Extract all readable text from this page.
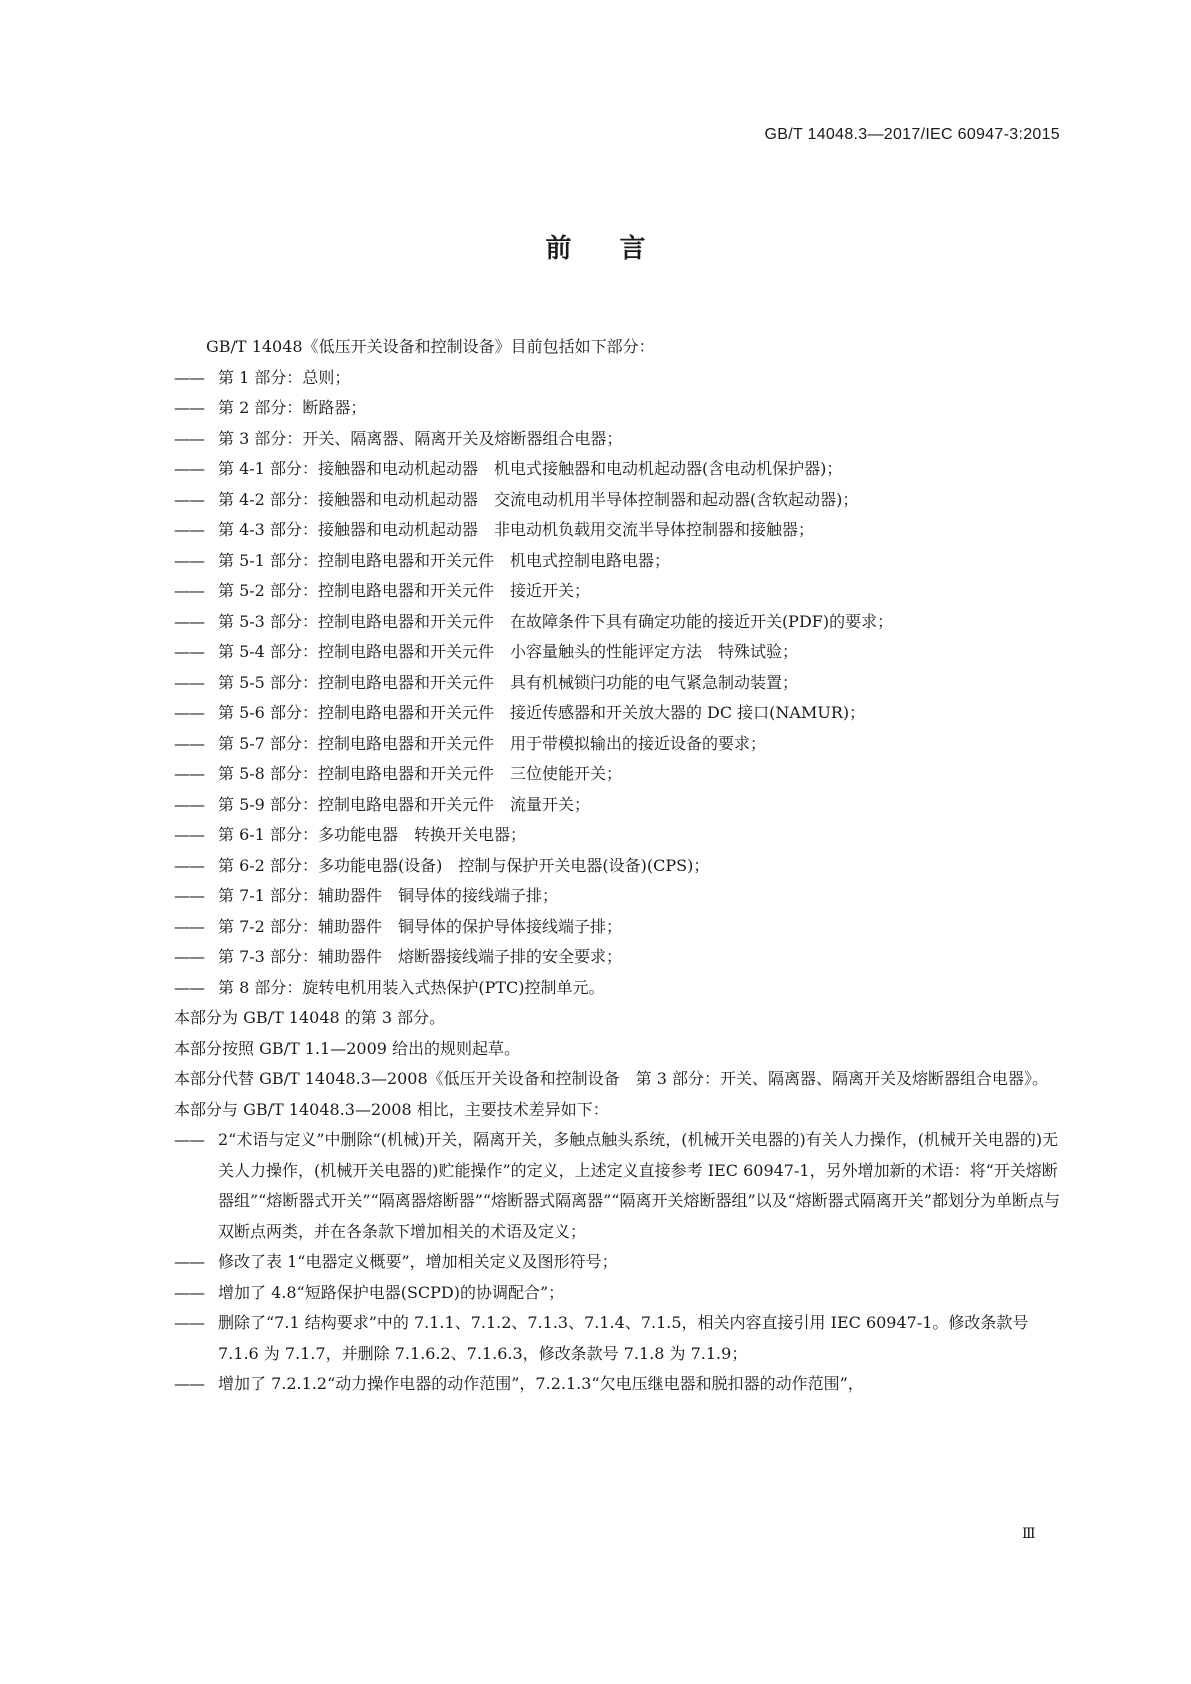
GB/T 14048.3—2017/IEC 60947-3:2015
前言
GB/T 14048《低压开关设备和控制设备》目前包括如下部分：
—— 第 1 部分：总则；
—— 第 2 部分：断路器；
—— 第 3 部分：开关、隔离器、隔离开关及熔断器组合电器；
—— 第 4-1 部分：接触器和电动机起动器　机电式接触器和电动机起动器(含电动机保护器)；
—— 第 4-2 部分：接触器和电动机起动器　交流电动机用半导体控制器和起动器(含软起动器)；
—— 第 4-3 部分：接触器和电动机起动器　非电动机负载用交流半导体控制器和接触器；
—— 第 5-1 部分：控制电路电器和开关元件　机电式控制电路电器；
—— 第 5-2 部分：控制电路电器和开关元件　接近开关；
—— 第 5-3 部分：控制电路电器和开关元件　在故障条件下具有确定功能的接近开关(PDF)的要求；
—— 第 5-4 部分：控制电路电器和开关元件　小容量触头的性能评定方法　特殊试验；
—— 第 5-5 部分：控制电路电器和开关元件　具有机械锁闩功能的电气紧急制动装置；
—— 第 5-6 部分：控制电路电器和开关元件　接近传感器和开关放大器的 DC 接口(NAMUR)；
—— 第 5-7 部分：控制电路电器和开关元件　用于带模拟输出的接近设备的要求；
—— 第 5-8 部分：控制电路电器和开关元件　三位使能开关；
—— 第 5-9 部分：控制电路电器和开关元件　流量开关；
—— 第 6-1 部分：多功能电器　转换开关电器；
—— 第 6-2 部分：多功能电器(设备)　控制与保护开关电器(设备)(CPS)；
—— 第 7-1 部分：辅助器件　铜导体的接线端子排；
—— 第 7-2 部分：辅助器件　铜导体的保护导体接线端子排；
—— 第 7-3 部分：辅助器件　熔断器接线端子排的安全要求；
—— 第 8 部分：旋转电机用装入式热保护(PTC)控制单元。
本部分为 GB/T 14048 的第 3 部分。
本部分按照 GB/T 1.1—2009 给出的规则起草。
本部分代替 GB/T 14048.3—2008《低压开关设备和控制设备　第 3 部分：开关、隔离器、隔离开关及熔断器组合电器》。
本部分与 GB/T 14048.3—2008 相比，主要技术差异如下：
—— 2“术语与定义”中删除“(机械)开关，隔离开关，多触点触头系统，(机械开关电器的)有关人力操作，(机械开关电器的)无关人力操作，(机械开关电器的)贮能操作”的定义，上述定义直接参考 IEC 60947-1，另外增加新的术语：将“开关熔断器组”“熔断器式开关”“隔离器熔断器”“熔断器式隔离器”“隔离开关熔断器组”以及“熔断器式隔离开关”都划分为单断点与双断点两类，并在各条款下增加相关的术语及定义；
—— 修改了表 1“电器定义概要”，增加相关定义及图形符号；
—— 增加了 4.8“短路保护电器(SCPD)的协调配合”；
—— 删除了“7.1 结构要求”中的 7.1.1、7.1.2、7.1.3、7.1.4、7.1.5，相关内容直接引用 IEC 60947-1。修改条款号 7.1.6 为 7.1.7，并删除 7.1.6.2、7.1.6.3，修改条款号 7.1.8 为 7.1.9；
—— 增加了 7.2.1.2“动力操作电器的动作范围”，7.2.1.3“欠电压继电器和脱扣器的动作范围”，
Ⅲ
